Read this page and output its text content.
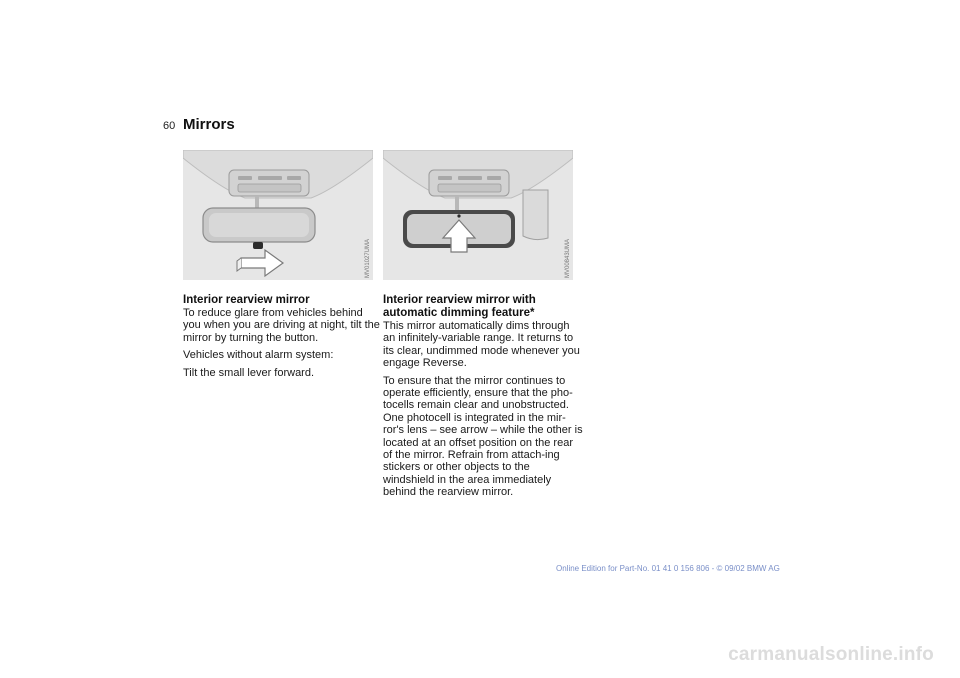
60 Mirrors
MV01027UMA	MV00843UMA
Interior rearview mirror

To reduce glare from vehicles behind you when you are driving at night, tilt the mirror by turning the button.

Vehicles without alarm system:

Tilt the small lever forward.

Interior rearview mirror with automatic dimming feature*

This mirror automatically dims through an infinitely-variable range. It returns to its clear, undimmed mode whenever you engage Reverse.

To ensure that the mirror continues to operate efficiently, ensure that the pho-tocells remain clear and unobstructed. One photocell is integrated in the mir-ror's lens – see arrow – while the other is located at an offset position on the rear of the mirror. Refrain from attach-ing stickers or other objects to the windshield in the area immediately behind the rearview mirror.

Online Edition for Part-No. 01 41 0 156 806 - © 09/02 BMW AG
carmanualsonline.info
